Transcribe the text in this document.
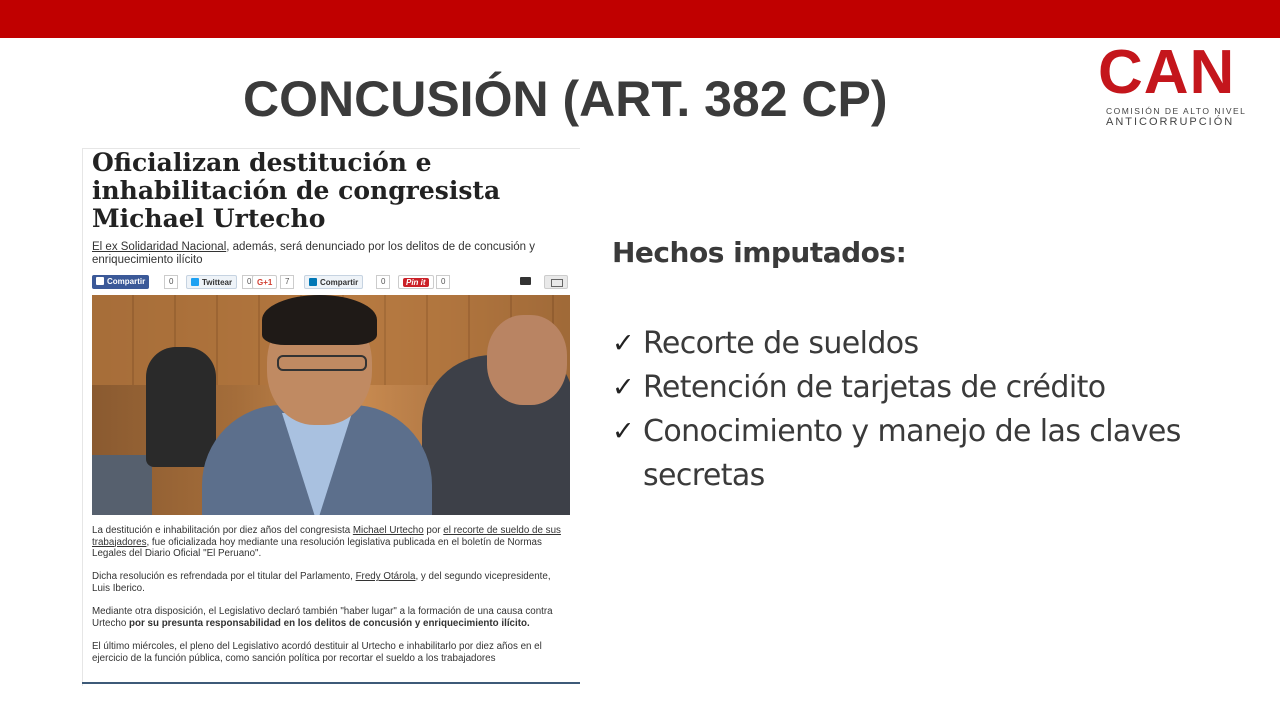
CONCUSIÓN (ART. 382 CP)	CAN
COMISIÓN DE ALTO NIVEL
ANTICORRUPCIÓN
Oficializan destitución e inhabilitación de congresista Michael Urtecho
El ex Solidaridad Nacional, además, será denunciado por los delitos de de concusión y enriquecimiento ilícito
Compartir	0	Twittear	0 G+1	7	Compartir	0	Pin it	0

La destitución e inhabilitación por diez años del congresista Michael Urtecho por el recorte de sueldo de sus trabajadores, fue oficializada hoy mediante una resolución legislativa publicada en el boletín de Normas Legales del Diario Oficial "El Peruano".

Dicha resolución es refrendada por el titular del Parlamento, Fredy Otárola, y del segundo vicepresidente, Luis Iberico.

Mediante otra disposición, el Legislativo declaró también "haber lugar" a la formación de una causa contra Urtecho por su presunta responsabilidad en los delitos de concusión y enriquecimiento ilícito.

El último miércoles, el pleno del Legislativo acordó destituir al Urtecho e inhabilitarlo por diez años en el ejercicio de la función pública, como sanción política por recortar el sueldo a los trabajadores

Hechos imputados:
✓ Recorte de sueldos
✓ Retención de tarjetas de crédito
✓ Conocimiento y manejo de las claves secretas
